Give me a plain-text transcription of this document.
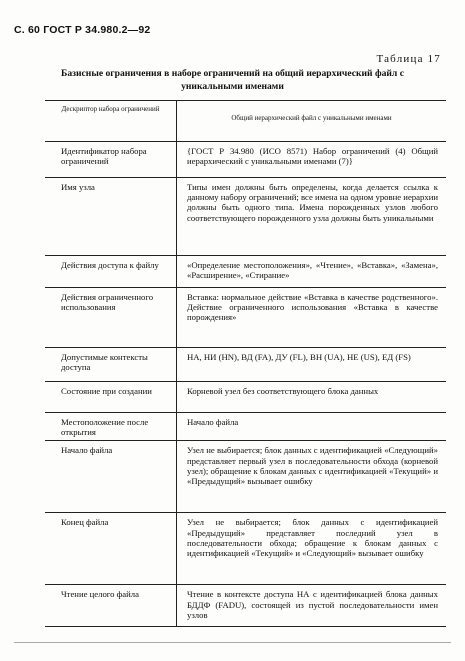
С. 60 ГОСТ Р 34.980.2—92
Таблица 17
Базисные ограничения в наборе ограничений на общий иерархический файл с уникальными именами
Дескриптор набора ограничений	Общий иерархический файл с уникальными именами

Идентификатор набора ограничений	{ГОСТ Р 34.980 (ИСО 8571) Набор ограничений (4) Общий иерархический с уникальными именами (7)}

Имя узла	Типы имен должны быть определены, когда делается ссылка к данному набору ограничений; все имена на одном уровне иерархии должны быть одного типа. Имена порожденных узлов любого соответствующего порожденного узла должны быть уникальными

Действия доступа к файлу	«Определение местоположения», «Чтение», «Вставка», «Замена», «Расширение», «Стирание»

Действия ограниченного использования	Вставка: нормальное действие «Вставка в качестве родственного». Действие ограниченного использования «Вставка в качестве порождения»

Допустимые контексты доступа	НА, НИ (HN), ВД (FA), ДУ (FL), ВН (UA), НЕ (US), ЕД (FS)

Состояние при создании	Корневой узел без соответствующего блока данных

Местоположение после открытия	Начало файла

Начало файла	Узел не выбирается; блок данных с идентификацией «Следующий» представляет первый узел в последовательности обхода (корневой узел); обращение к блокам данных с идентификацией «Текущий» и «Предыдущий» вызывает ошибку

Конец файла	Узел не выбирается; блок данных с идентификацией «Предыдущий» представляет последний узел в последовательности обхода; обращение к блокам данных с идентификацией «Текущий» и «Следующий» вызывает ошибку

Чтение целого файла	Чтение в контексте доступа НА с идентификацией блока данных БДДФ (FADU), состоящей из пустой последовательности имен узлов
